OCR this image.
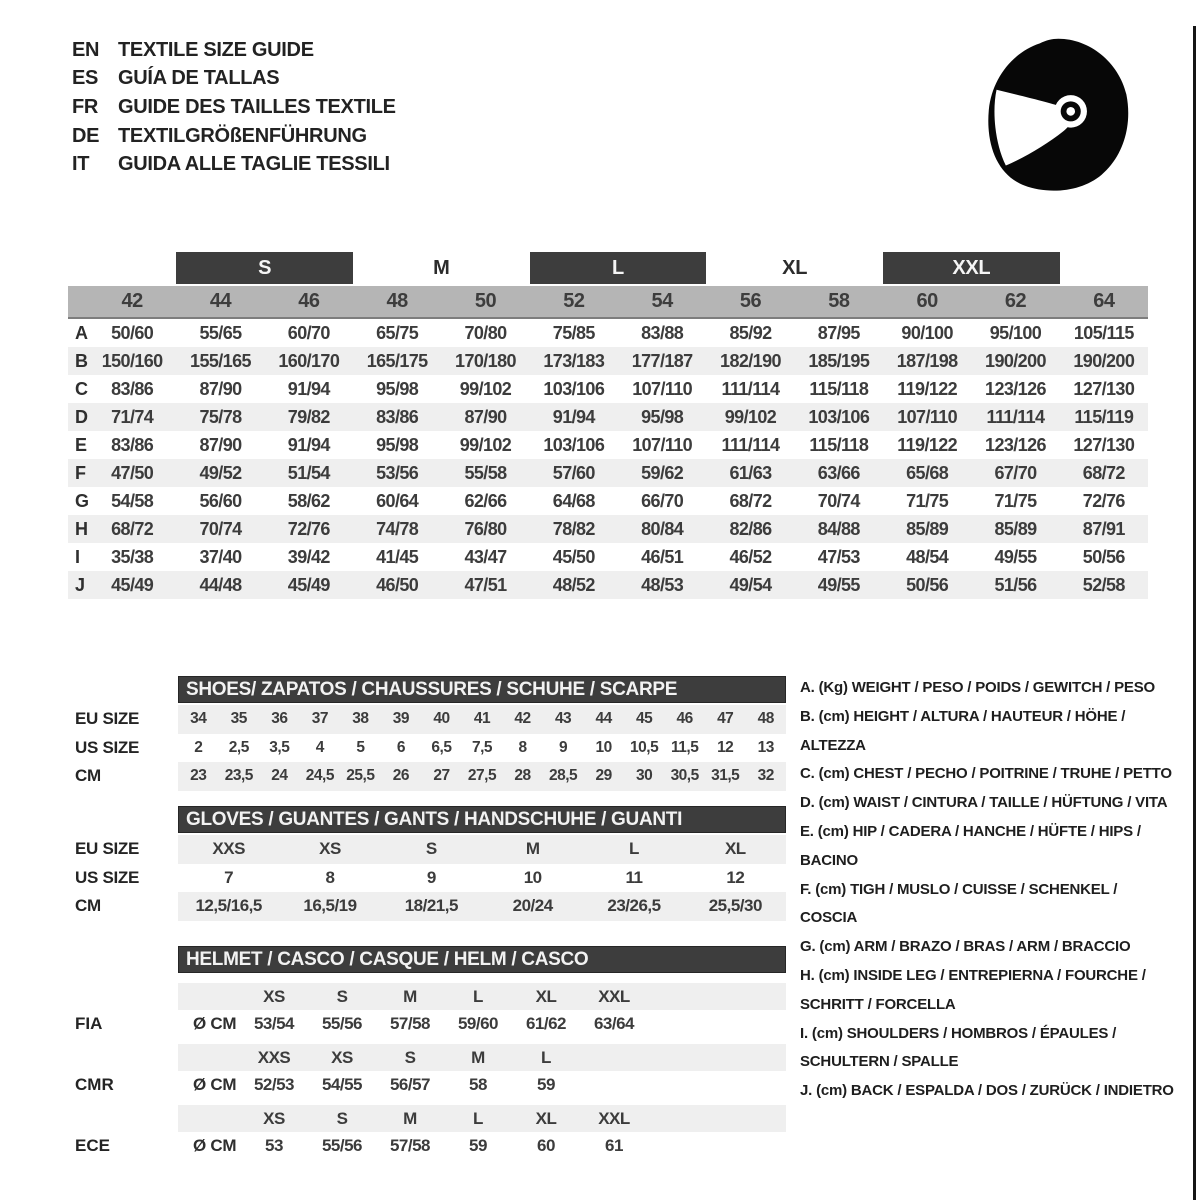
EN TEXTILE SIZE GUIDE
ES GUÍA DE TALLAS
FR GUIDE DES TAILLES TEXTILE
DE TEXTILGRÖßENFÜHRUNG
IT	GUIDA ALLE TAGLIE TESSILI
S	M	L	XL	XXL
42	44	46	48	50	52	54	56	58	60	62	64
A	50/60	55/65	60/70	65/75	70/80	75/85	83/88	85/92	87/95	90/100	95/100	105/115
B 150/160	155/165	160/170	165/175	170/180	173/183	177/187	182/190	185/195	187/198	190/200	190/200
C	83/86	87/90	91/94	95/98	99/102	103/106	107/110	111/114	115/118	119/122	123/126	127/130
D	71/74	75/78	79/82	83/86	87/90	91/94	95/98	99/102	103/106	107/110	111/114	115/119
E	83/86	87/90	91/94	95/98	99/102	103/106	107/110	111/114	115/118	119/122	123/126	127/130
F	47/50	49/52	51/54	53/56	55/58	57/60	59/62	61/63	63/66	65/68	67/70	68/72
G	54/58	56/60	58/62	60/64	62/66	64/68	66/70	68/72	70/74	71/75	71/75	72/76
H	68/72	70/74	72/76	74/78	76/80	78/82	80/84	82/86	84/88	85/89	85/89	87/91
I	35/38	37/40	39/42	41/45	43/47	45/50	46/51	46/52	47/53	48/54	49/55	50/56
J	45/49	44/48	45/49	46/50	47/51	48/52	48/53	49/54	49/55	50/56	51/56	52/58
SHOES/ ZAPATOS / CHAUSSURES / SCHUHE / SCARPE
EU SIZE	34	35	36	37	38	39	40	41	42	43	44	45	46	47	48
US SIZE	2	2,5	3,5	4	5	6	6,5	7,5	8	9	10	10,5 11,5	12	13
CM	23	23,5	24	24,5 25,5	26	27	27,5	28	28,5	29	30	30,5 31,5	32
GLOVES / GUANTES / GANTS / HANDSCHUHE / GUANTI
EU SIZE	XXS	XS	S	M	L	XL
US SIZE	7	8	9	10	11	12
CM	12,5/16,5	16,5/19	18/21,5	20/24	23/26,5	25,5/30
HELMET / CASCO / CASQUE / HELM / CASCO
XS	S	M	L	XL	XXL
FIA	Ø CM	53/54	55/56	57/58	59/60	61/62	63/64
XXS	XS	S	M	L
CMR	Ø CM	52/53	54/55	56/57	58	59
XS	S	M	L	XL	XXL
ECE	Ø CM	53	55/56	57/58	59	60	61

A. (Kg) WEIGHT / PESO / POIDS / GEWITCH / PESO

B. (cm) HEIGHT / ALTURA / HAUTEUR / HÖHE / ALTEZZA

C. (cm) CHEST / PECHO / POITRINE / TRUHE / PETTO

D. (cm) WAIST / CINTURA / TAILLE / HÜFTUNG / VITA

E. (cm) HIP / CADERA / HANCHE / HÜFTE / HIPS / BACINO

F. (cm) TIGH / MUSLO / CUISSE / SCHENKEL / COSCIA

G. (cm) ARM / BRAZO / BRAS / ARM / BRACCIO

H. (cm) INSIDE LEG / ENTREPIERNA / FOURCHE / SCHRITT / FORCELLA

I. (cm) SHOULDERS / HOMBROS / ÉPAULES / SCHULTERN / SPALLE

J. (cm) BACK / ESPALDA / DOS / ZURÜCK / INDIETRO
